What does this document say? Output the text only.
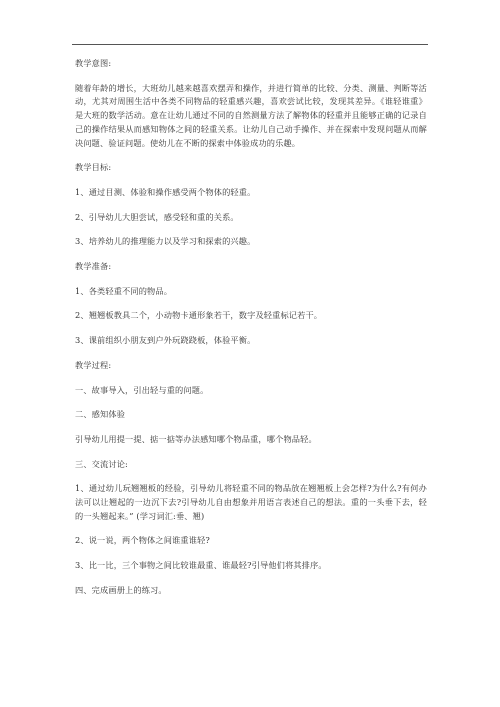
教学意图:

随着年龄的增长，大班幼儿越来越喜欢摆弄和操作，并进行简单的比较、分类、测量、判断等活动，尤其对周围生活中各类不同物品的轻重感兴趣，喜欢尝试比较，发现其差异。《谁轻谁重》是大班的数学活动。意在让幼儿通过不同的自然测量方法了解物体的轻重并且能够正确的记录自己的操作结果从而感知物体之间的轻重关系。让幼儿自己动手操作、并在探索中发现问题从而解决问题、验证问题。使幼儿在不断的探索中体验成功的乐趣。

教学目标:

1、通过目测、体验和操作感受两个物体的轻重。

2、引导幼儿大胆尝试，感受轻和重的关系。

3、培养幼儿的推理能力以及学习和探索的兴趣。

教学准备:

1、各类轻重不同的物品。

2、翘翘板教具二个，小动物卡通形象若干，数字及轻重标记若干。

3、课前组织小朋友到户外玩跷跷板，体验平衡。

教学过程:

一、故事导入，引出轻与重的问题。

二、感知体验

引导幼儿用提一提、掂一掂等办法感知哪个物品重，哪个物品轻。

三、交流讨论:

1、通过幼儿玩翘翘板的经验，引导幼儿将轻重不同的物品放在翘翘板上会怎样?为什么?有何办法可以让翘起的一边沉下去?引导幼儿自由想象并用语言表述自己的想法。重的一头垂下去，轻的一头翘起来。” (学习词汇:垂、翘)

2、说一说，两个物体之间谁重谁轻?

3、比一比，三个事物之间比较谁最重、谁最轻?引导他们将其排序。

四、完成画册上的练习。
